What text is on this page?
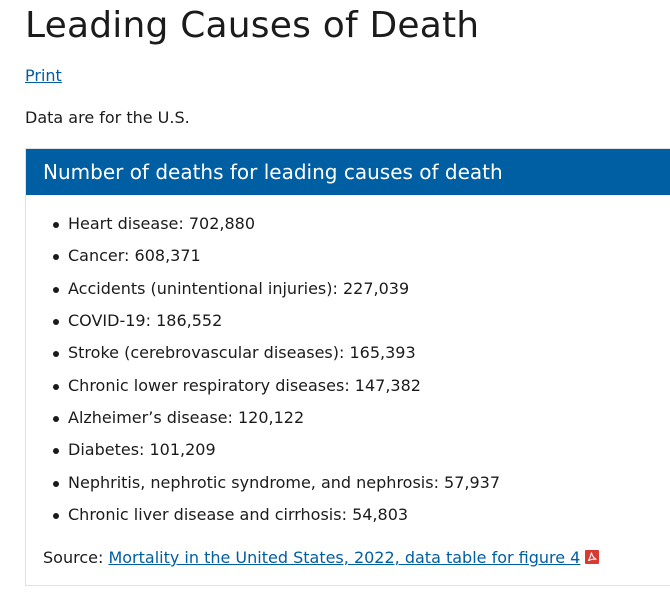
Leading Causes of Death
Print

Data are for the U.S.

Number of deaths for leading causes of death
Heart disease: 702,880
Cancer: 608,371
Accidents (unintentional injuries): 227,039
COVID-19: 186,552
Stroke (cerebrovascular diseases): 165,393
Chronic lower respiratory diseases: 147,382
Alzheimer’s disease: 120,122
Diabetes: 101,209
Nephritis, nephrotic syndrome, and nephrosis: 57,937
Chronic liver disease and cirrhosis: 54,803
Source: Mortality in the United States, 2022, data table for figure 4
